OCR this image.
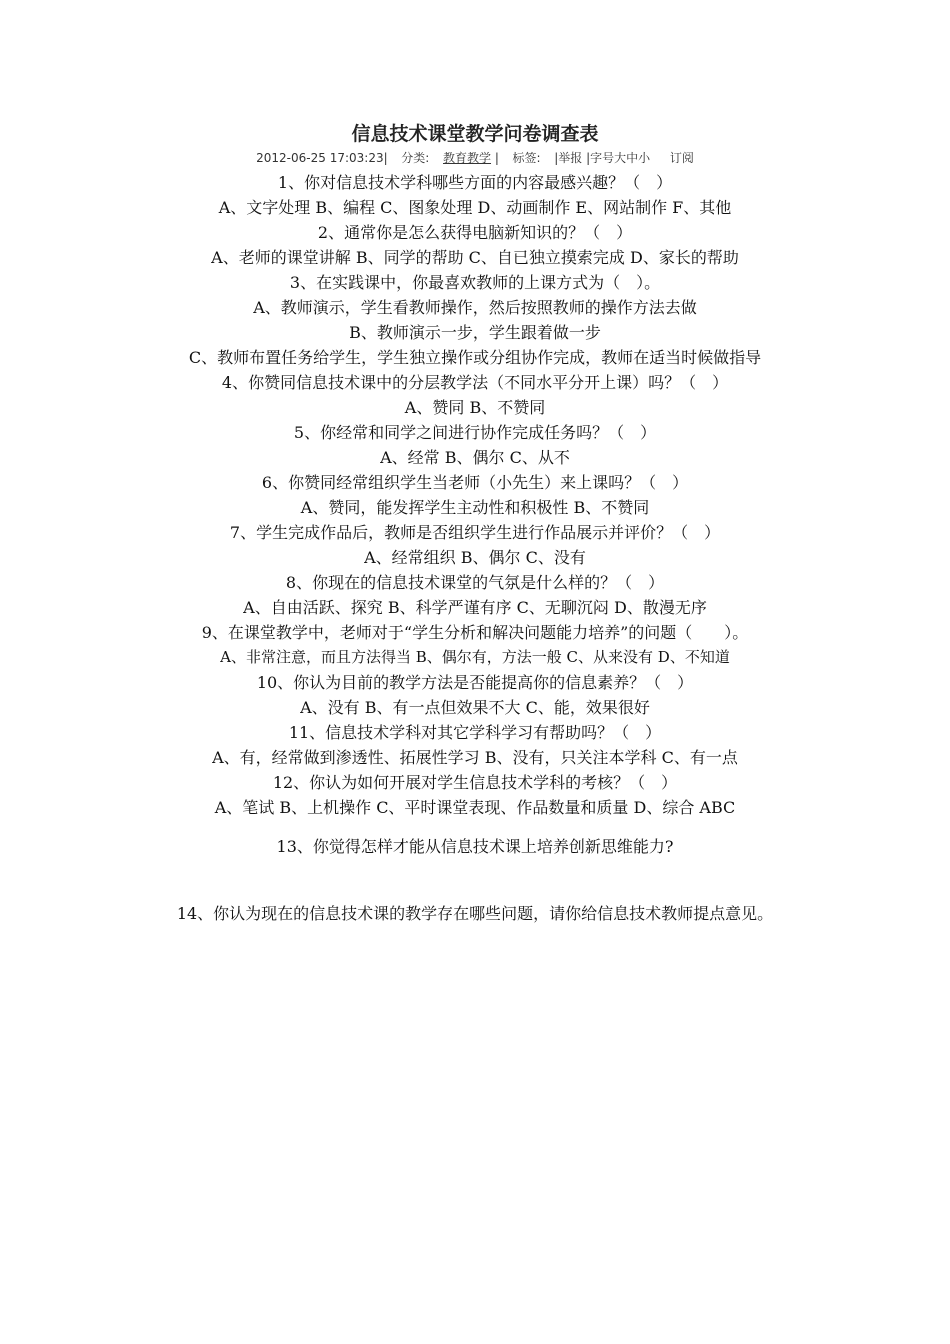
信息技术课堂教学问卷调查表
2012-06-25 17:03:23| 分类: 教育教学 | 标签: |举报 |字号大中小 订阅

1、你对信息技术学科哪些方面的内容最感兴趣？（　）

A、文字处理 B、编程 C、图象处理 D、动画制作 E、网站制作 F、其他

2、通常你是怎么获得电脑新知识的？（　）

A、老师的课堂讲解 B、同学的帮助 C、自已独立摸索完成 D、家长的帮助

3、在实践课中，你最喜欢教师的上课方式为（　）。

A、教师演示，学生看教师操作，然后按照教师的操作方法去做

B、教师演示一步，学生跟着做一步

C、教师布置任务给学生，学生独立操作或分组协作完成，教师在适当时候做指导

4、你赞同信息技术课中的分层教学法（不同水平分开上课）吗？（　）

A、赞同 B、不赞同

5、你经常和同学之间进行协作完成任务吗？（　）

A、经常 B、偶尔 C、从不

6、你赞同经常组织学生当老师（小先生）来上课吗？（　）

A、赞同，能发挥学生主动性和积极性 B、不赞同

7、学生完成作品后，教师是否组织学生进行作品展示并评价？（　）

A、经常组织 B、偶尔 C、没有

8、你现在的信息技术课堂的气氛是什么样的？（　）

A、自由活跃、探究 B、科学严谨有序 C、无聊沉闷 D、散漫无序

9、在课堂教学中，老师对于“学生分析和解决问题能力培养”的问题（　　）。

A、非常注意，而且方法得当 B、偶尔有，方法一般 C、从来没有 D、不知道

10、你认为目前的教学方法是否能提高你的信息素养？（　）

A、没有 B、有一点但效果不大 C、能，效果很好

11、信息技术学科对其它学科学习有帮助吗？（　）

A、有，经常做到渗透性、拓展性学习 B、没有，只关注本学科 C、有一点

12、你认为如何开展对学生信息技术学科的考核？（　）

A、笔试 B、上机操作 C、平时课堂表现、作品数量和质量 D、综合 ABC

13、你觉得怎样才能从信息技术课上培养创新思维能力?

14、你认为现在的信息技术课的教学存在哪些问题，请你给信息技术教师提点意见。
